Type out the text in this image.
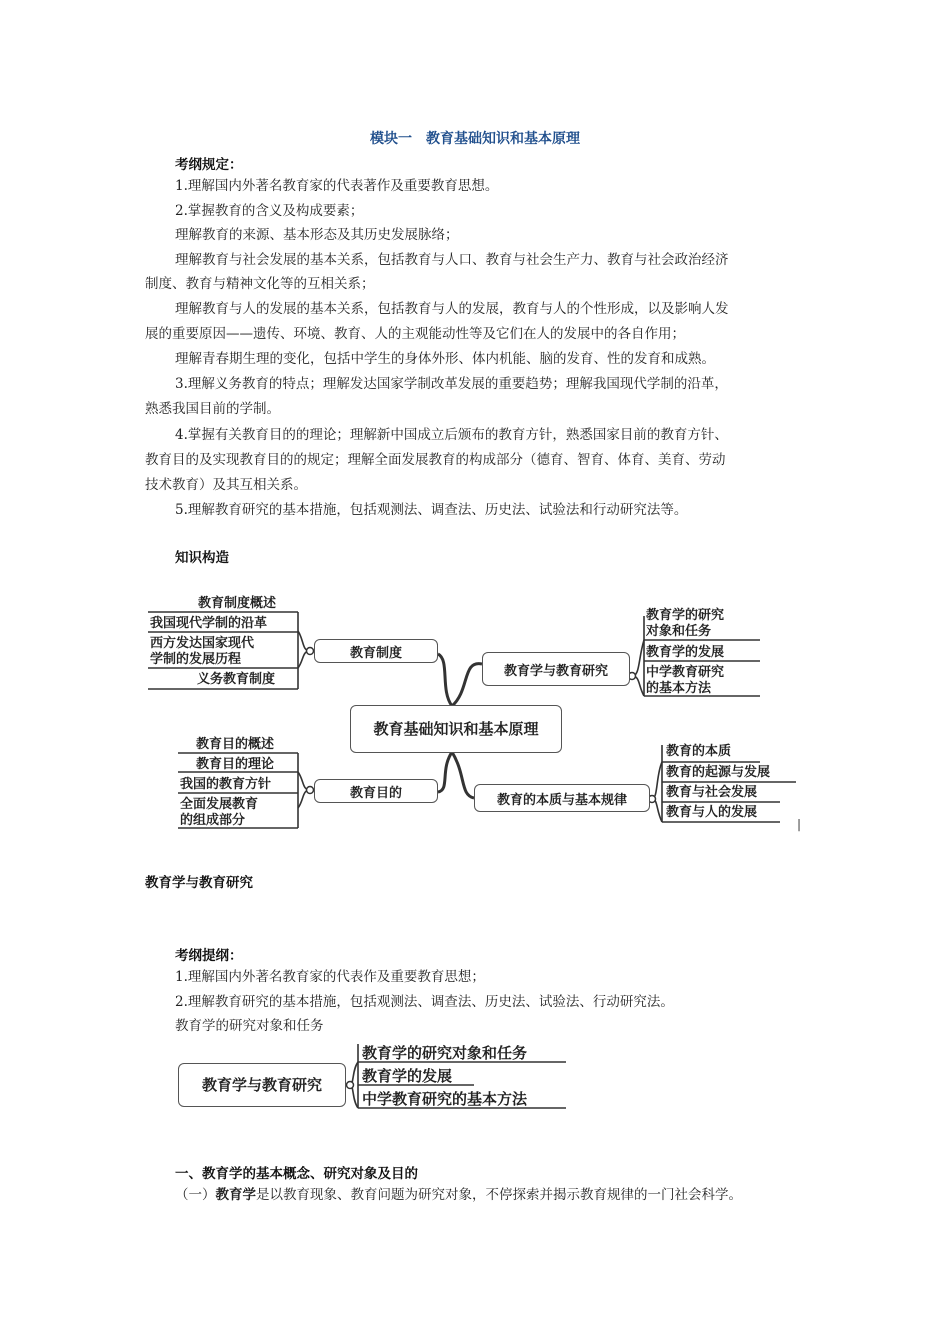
模块一　教育基础知识和基本原理
考纲规定：
1.理解国内外著名教育家的代表著作及重要教育思想。
2.掌握教育的含义及构成要素；
理解教育的来源、基本形态及其历史发展脉络；
理解教育与社会发展的基本关系，包括教育与人口、教育与社会生产力、教育与社会政治经济
制度、教育与精神文化等的互相关系；
理解教育与人的发展的基本关系，包括教育与人的发展，教育与人的个性形成，以及影响人发
展的重要原因——遗传、环境、教育、人的主观能动性等及它们在人的发展中的各自作用；
理解青春期生理的变化，包括中学生的身体外形、体内机能、脑的发育、性的发育和成熟。
3.理解义务教育的特点；理解发达国家学制改革发展的重要趋势；理解我国现代学制的沿革，
熟悉我国目前的学制。
4.掌握有关教育目的的理论；理解新中国成立后颁布的教育方针，熟悉国家目前的教育方针、
教育目的及实现教育目的的规定；理解全面发展教育的构成部分（德育、智育、体育、美育、劳动
技术教育）及其互相关系。
5.理解教育研究的基本措施，包括观测法、调查法、历史法、试验法和行动研究法等。
知识构造
教育基础知识和基本原理
教育制度
教育目的
教育学与教育研究
教育的本质与基本规律
教育制度概述
我国现代学制的沿革
西方发达国家现代
学制的发展历程
义务教育制度
教育目的概述
教育目的理论
我国的教育方针
全面发展教育
的组成部分
教育学的研究
对象和任务
教育学的发展
中学教育研究
的基本方法
教育的本质
教育的起源与发展
教育与社会发展
教育与人的发展
|
教育学与教育研究
考纲提纲：
1.理解国内外著名教育家的代表作及重要教育思想；
2.理解教育研究的基本措施，包括观测法、调查法、历史法、试验法、行动研究法。
教育学的研究对象和任务
教育学与教育研究
教育学的研究对象和任务
教育学的发展
中学教育研究的基本方法
一、教育学的基本概念、研究对象及目的
（一）教育学是以教育现象、教育问题为研究对象，不停探索并揭示教育规律的一门社会科学。
